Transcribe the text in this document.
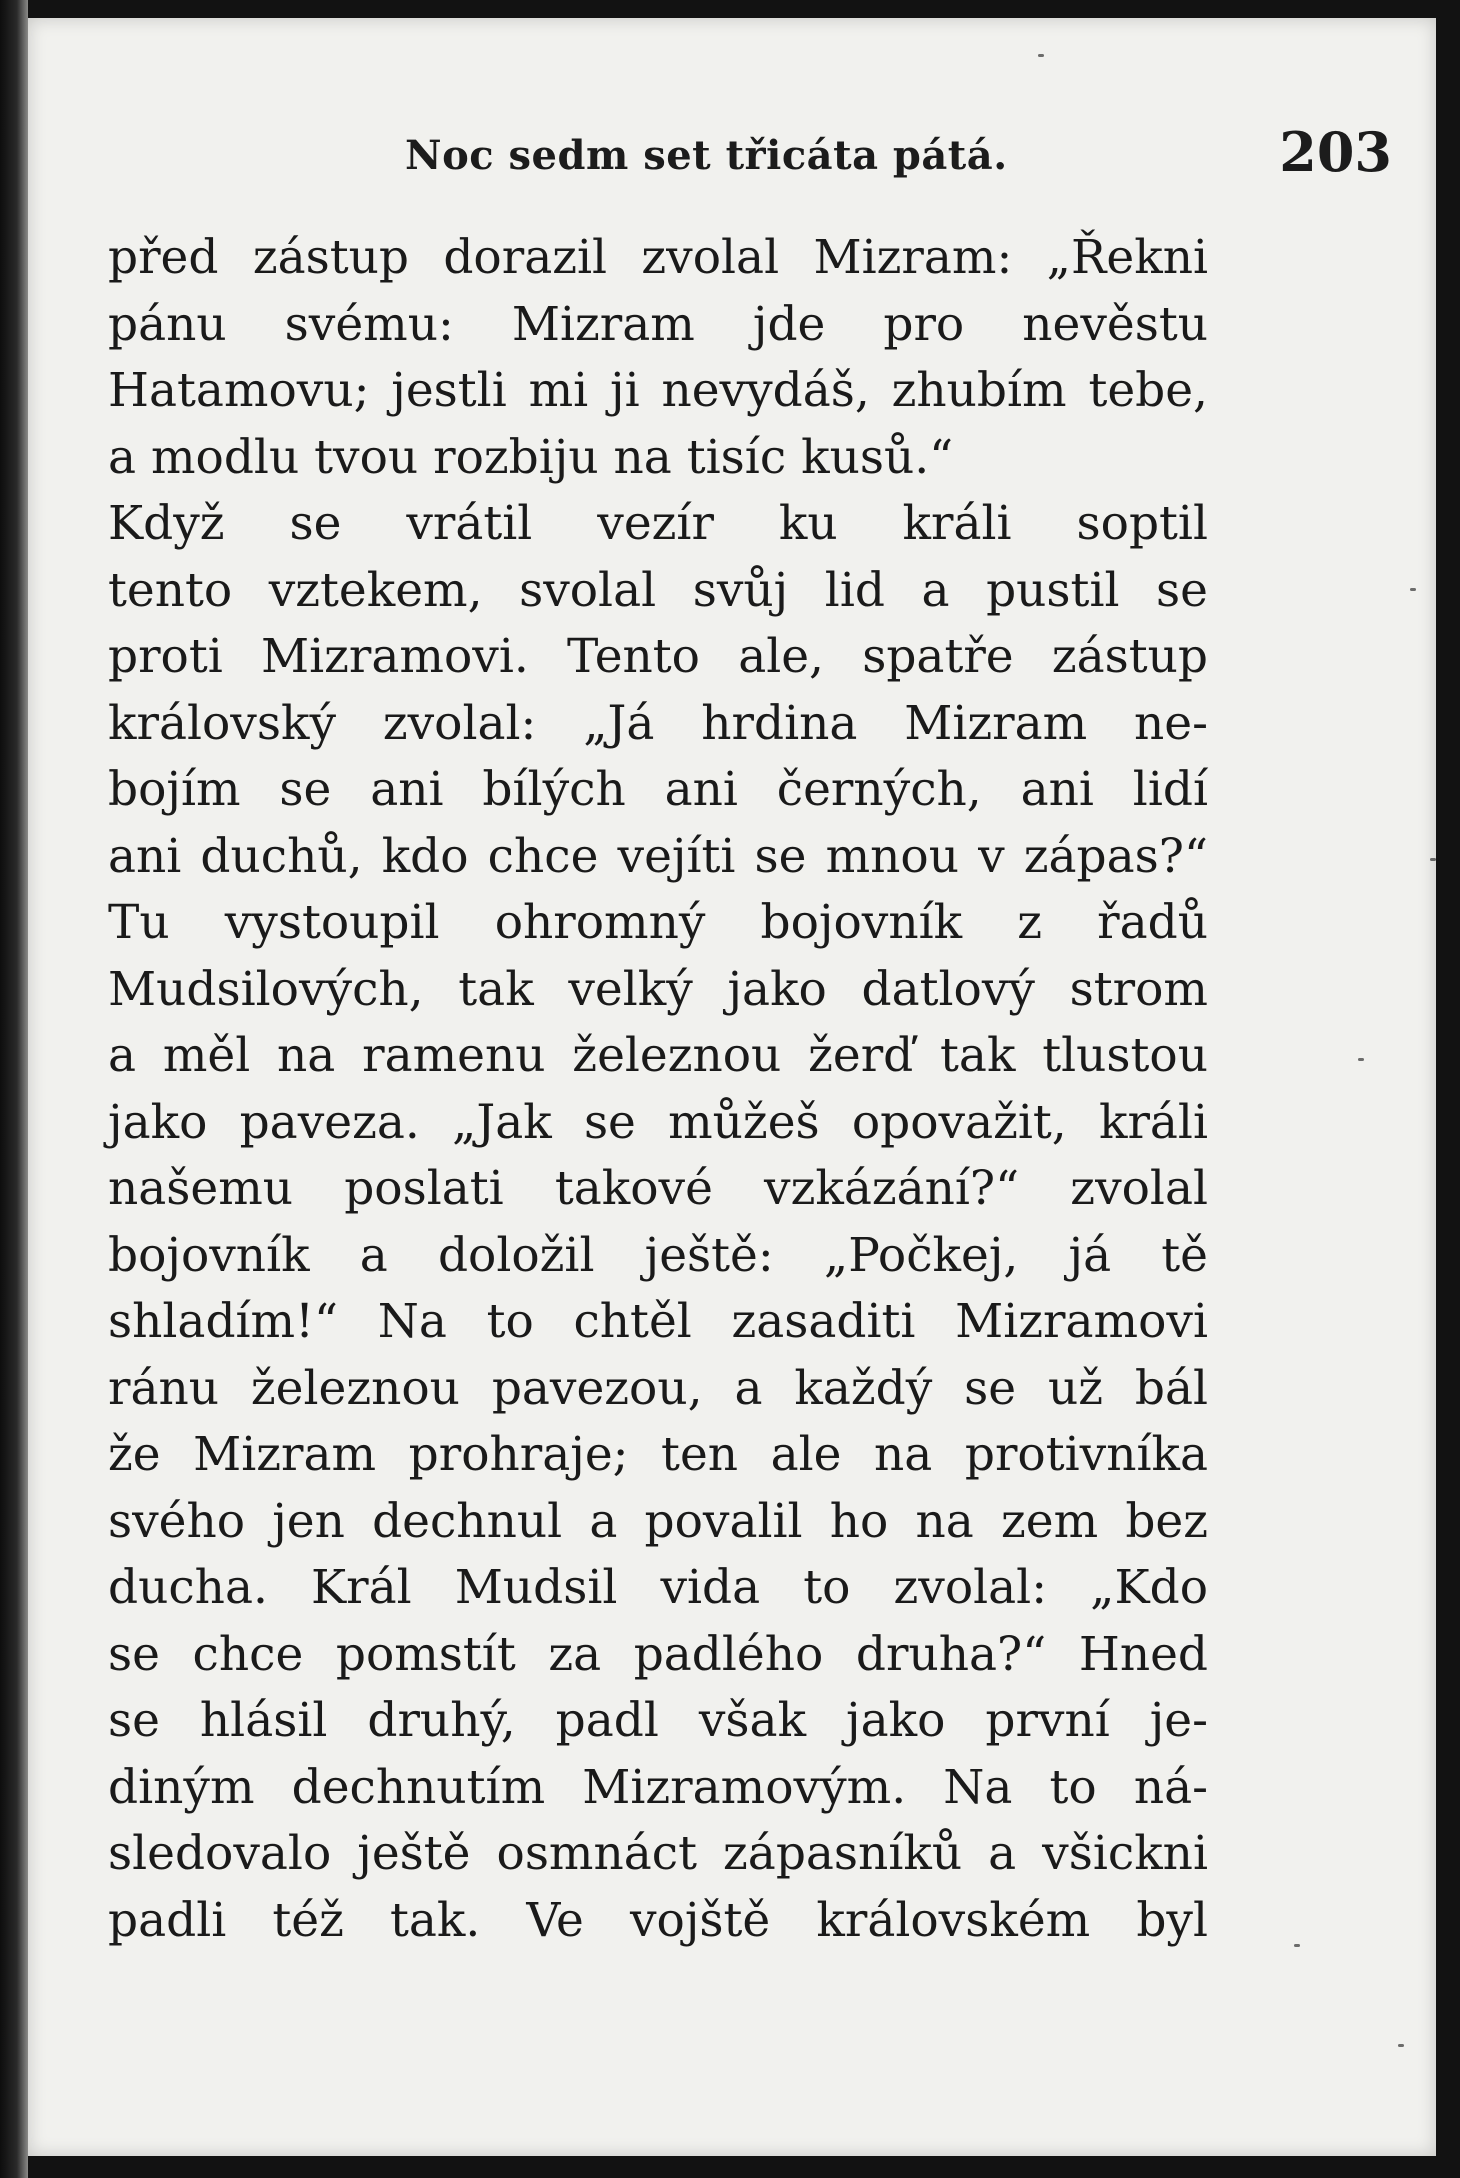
Noc sedm set třicáta pátá.	203
před zástup dorazil zvolal Mizram: „Řekni
pánu svému: Mizram jde pro nevěstu
Hatamovu; jestli mi ji nevydáš, zhubím tebe,
a modlu tvou rozbiju na tisíc kusů.“
Když se vrátil vezír ku králi soptil
tento vztekem, svolal svůj lid a pustil se
proti Mizramovi. Tento ale, spatře zástup
královský zvolal: „Já hrdina Mizram ne-
bojím se ani bílých ani černých, ani lidí
ani duchů, kdo chce vejíti se mnou v zápas?“
Tu vystoupil ohromný bojovník z řadů
Mudsilových, tak velký jako datlový strom
a měl na ramenu železnou žerď tak tlustou
jako paveza. „Jak se můžeš opovažit, králi
našemu poslati takové vzkázání?“ zvolal
bojovník a doložil ještě: „Počkej, já tě
shladím!“ Na to chtěl zasaditi Mizramovi
ránu železnou pavezou, a každý se už bál
že Mizram prohraje; ten ale na protivníka
svého jen dechnul a povalil ho na zem bez
ducha. Král Mudsil vida to zvolal: „Kdo
se chce pomstít za padlého druha?“ Hned
se hlásil druhý, padl však jako první je-
diným dechnutím Mizramovým. Na to ná-
sledovalo ještě osmnáct zápasníků a všickni
padli též tak. Ve vojště královském byl
